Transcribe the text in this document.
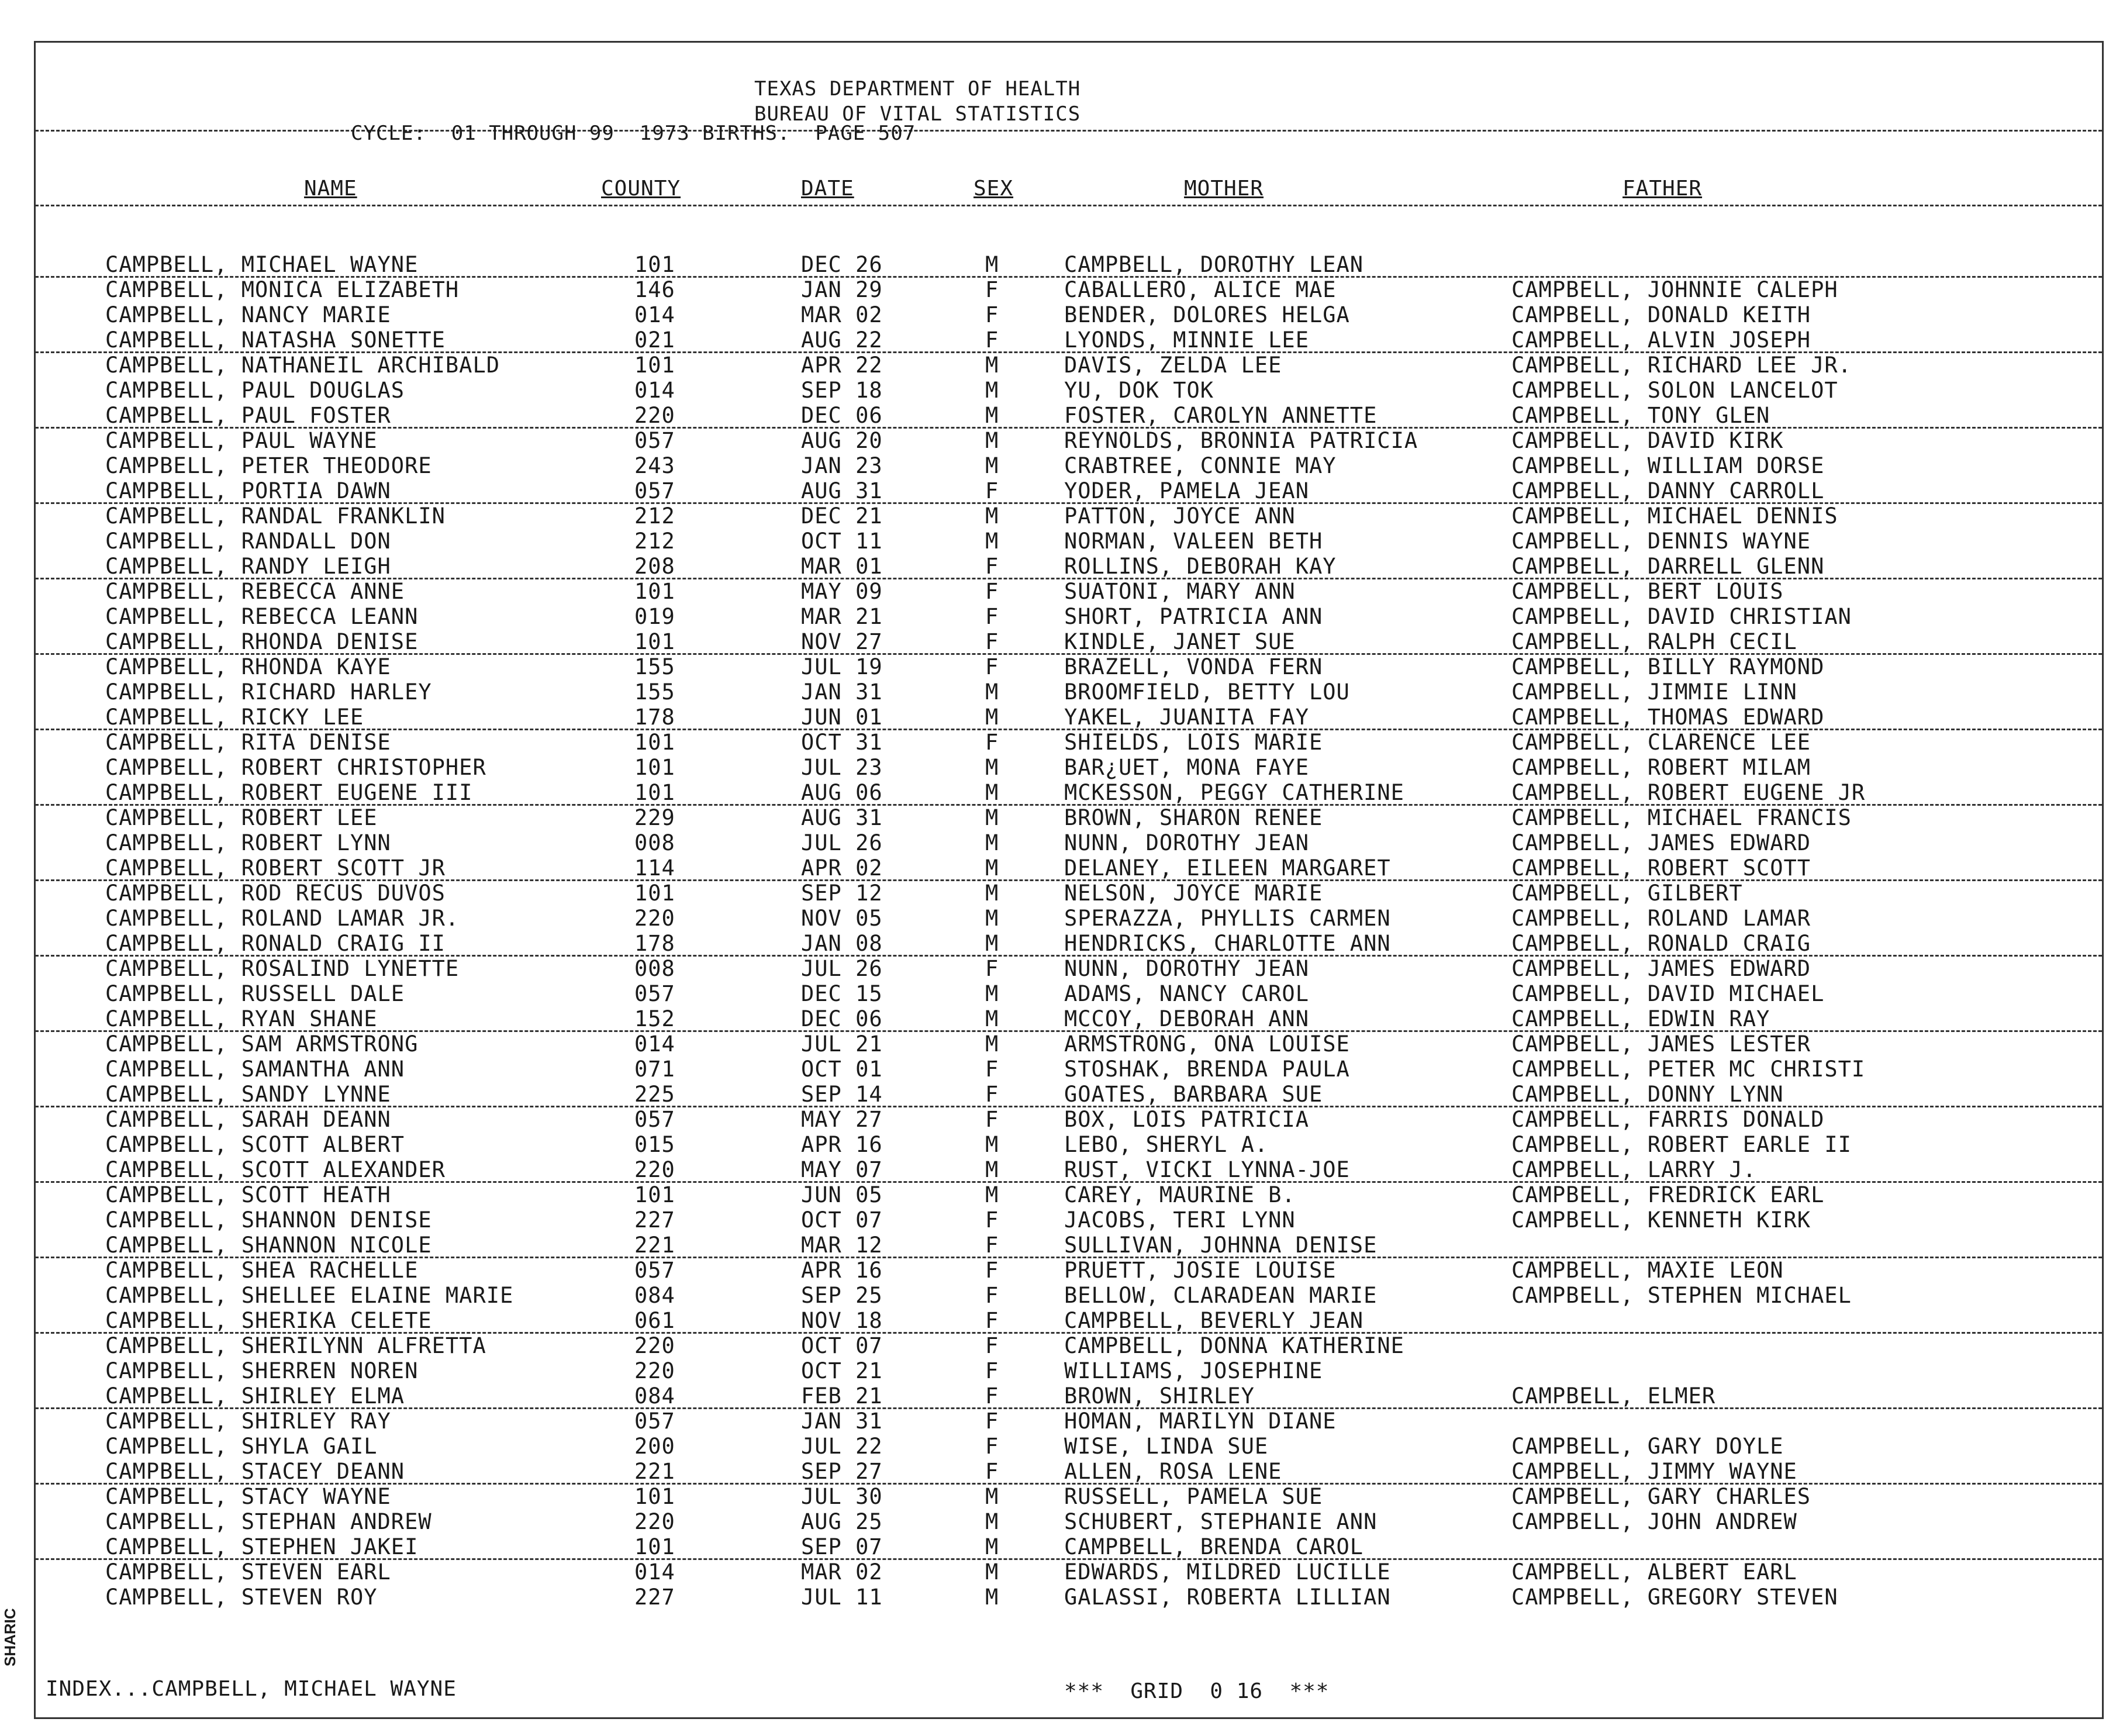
SHARIC
TEXAS DEPARTMENT OF HEALTH
BUREAU OF VITAL STATISTICS
CYCLE:  01 THROUGH 99  1973 BIRTHS.  PAGE 507
NAME	COUNTY	DATE	SEX	MOTHER	FATHER
CAMPBELL, MICHAEL WAYNE	101	DEC 26	M	CAMPBELL, DOROTHY LEAN
CAMPBELL, MONICA ELIZABETH	146	JAN 29	F	CABALLERO, ALICE MAE	CAMPBELL, JOHNNIE CALEPH
CAMPBELL, NANCY MARIE	014	MAR 02	F	BENDER, DOLORES HELGA	CAMPBELL, DONALD KEITH
CAMPBELL, NATASHA SONETTE	021	AUG 22	F	LYONDS, MINNIE LEE	CAMPBELL, ALVIN JOSEPH
CAMPBELL, NATHANEIL ARCHIBALD	101	APR 22	M	DAVIS, ZELDA LEE	CAMPBELL, RICHARD LEE JR.
CAMPBELL, PAUL DOUGLAS	014	SEP 18	M	YU, DOK TOK	CAMPBELL, SOLON LANCELOT
CAMPBELL, PAUL FOSTER	220	DEC 06	M	FOSTER, CAROLYN ANNETTE	CAMPBELL, TONY GLEN
CAMPBELL, PAUL WAYNE	057	AUG 20	M	REYNOLDS, BRONNIA PATRICIA	CAMPBELL, DAVID KIRK
CAMPBELL, PETER THEODORE	243	JAN 23	M	CRABTREE, CONNIE MAY	CAMPBELL, WILLIAM DORSE
CAMPBELL, PORTIA DAWN	057	AUG 31	F	YODER, PAMELA JEAN	CAMPBELL, DANNY CARROLL
CAMPBELL, RANDAL FRANKLIN	212	DEC 21	M	PATTON, JOYCE ANN	CAMPBELL, MICHAEL DENNIS
CAMPBELL, RANDALL DON	212	OCT 11	M	NORMAN, VALEEN BETH	CAMPBELL, DENNIS WAYNE
CAMPBELL, RANDY LEIGH	208	MAR 01	F	ROLLINS, DEBORAH KAY	CAMPBELL, DARRELL GLENN
CAMPBELL, REBECCA ANNE	101	MAY 09	F	SUATONI, MARY ANN	CAMPBELL, BERT LOUIS
CAMPBELL, REBECCA LEANN	019	MAR 21	F	SHORT, PATRICIA ANN	CAMPBELL, DAVID CHRISTIAN
CAMPBELL, RHONDA DENISE	101	NOV 27	F	KINDLE, JANET SUE	CAMPBELL, RALPH CECIL
CAMPBELL, RHONDA KAYE	155	JUL 19	F	BRAZELL, VONDA FERN	CAMPBELL, BILLY RAYMOND
CAMPBELL, RICHARD HARLEY	155	JAN 31	M	BROOMFIELD, BETTY LOU	CAMPBELL, JIMMIE LINN
CAMPBELL, RICKY LEE	178	JUN 01	M	YAKEL, JUANITA FAY	CAMPBELL, THOMAS EDWARD
CAMPBELL, RITA DENISE	101	OCT 31	F	SHIELDS, LOIS MARIE	CAMPBELL, CLARENCE LEE
CAMPBELL, ROBERT CHRISTOPHER	101	JUL 23	M	BAR¿UET, MONA FAYE	CAMPBELL, ROBERT MILAM
CAMPBELL, ROBERT EUGENE III	101	AUG 06	M	MCKESSON, PEGGY CATHERINE	CAMPBELL, ROBERT EUGENE JR
CAMPBELL, ROBERT LEE	229	AUG 31	M	BROWN, SHARON RENEE	CAMPBELL, MICHAEL FRANCIS
CAMPBELL, ROBERT LYNN	008	JUL 26	M	NUNN, DOROTHY JEAN	CAMPBELL, JAMES EDWARD
CAMPBELL, ROBERT SCOTT JR	114	APR 02	M	DELANEY, EILEEN MARGARET	CAMPBELL, ROBERT SCOTT
CAMPBELL, ROD RECUS DUVOS	101	SEP 12	M	NELSON, JOYCE MARIE	CAMPBELL, GILBERT
CAMPBELL, ROLAND LAMAR JR.	220	NOV 05	M	SPERAZZA, PHYLLIS CARMEN	CAMPBELL, ROLAND LAMAR
CAMPBELL, RONALD CRAIG II	178	JAN 08	M	HENDRICKS, CHARLOTTE ANN	CAMPBELL, RONALD CRAIG
CAMPBELL, ROSALIND LYNETTE	008	JUL 26	F	NUNN, DOROTHY JEAN	CAMPBELL, JAMES EDWARD
CAMPBELL, RUSSELL DALE	057	DEC 15	M	ADAMS, NANCY CAROL	CAMPBELL, DAVID MICHAEL
CAMPBELL, RYAN SHANE	152	DEC 06	M	MCCOY, DEBORAH ANN	CAMPBELL, EDWIN RAY
CAMPBELL, SAM ARMSTRONG	014	JUL 21	M	ARMSTRONG, ONA LOUISE	CAMPBELL, JAMES LESTER
CAMPBELL, SAMANTHA ANN	071	OCT 01	F	STOSHAK, BRENDA PAULA	CAMPBELL, PETER MC CHRISTI
CAMPBELL, SANDY LYNNE	225	SEP 14	F	GOATES, BARBARA SUE	CAMPBELL, DONNY LYNN
CAMPBELL, SARAH DEANN	057	MAY 27	F	BOX, LOIS PATRICIA	CAMPBELL, FARRIS DONALD
CAMPBELL, SCOTT ALBERT	015	APR 16	M	LEBO, SHERYL A.	CAMPBELL, ROBERT EARLE II
CAMPBELL, SCOTT ALEXANDER	220	MAY 07	M	RUST, VICKI LYNNA-JOE	CAMPBELL, LARRY J.
CAMPBELL, SCOTT HEATH	101	JUN 05	M	CAREY, MAURINE B.	CAMPBELL, FREDRICK EARL
CAMPBELL, SHANNON DENISE	227	OCT 07	F	JACOBS, TERI LYNN	CAMPBELL, KENNETH KIRK
CAMPBELL, SHANNON NICOLE	221	MAR 12	F	SULLIVAN, JOHNNA DENISE
CAMPBELL, SHEA RACHELLE	057	APR 16	F	PRUETT, JOSIE LOUISE	CAMPBELL, MAXIE LEON
CAMPBELL, SHELLEE ELAINE MARIE	084	SEP 25	F	BELLOW, CLARADEAN MARIE	CAMPBELL, STEPHEN MICHAEL
CAMPBELL, SHERIKA CELETE	061	NOV 18	F	CAMPBELL, BEVERLY JEAN
CAMPBELL, SHERILYNN ALFRETTA	220	OCT 07	F	CAMPBELL, DONNA KATHERINE
CAMPBELL, SHERREN NOREN	220	OCT 21	F	WILLIAMS, JOSEPHINE
CAMPBELL, SHIRLEY ELMA	084	FEB 21	F	BROWN, SHIRLEY	CAMPBELL, ELMER
CAMPBELL, SHIRLEY RAY	057	JAN 31	F	HOMAN, MARILYN DIANE
CAMPBELL, SHYLA GAIL	200	JUL 22	F	WISE, LINDA SUE	CAMPBELL, GARY DOYLE
CAMPBELL, STACEY DEANN	221	SEP 27	F	ALLEN, ROSA LENE	CAMPBELL, JIMMY WAYNE
CAMPBELL, STACY WAYNE	101	JUL 30	M	RUSSELL, PAMELA SUE	CAMPBELL, GARY CHARLES
CAMPBELL, STEPHAN ANDREW	220	AUG 25	M	SCHUBERT, STEPHANIE ANN	CAMPBELL, JOHN ANDREW
CAMPBELL, STEPHEN JAKEI	101	SEP 07	M	CAMPBELL, BRENDA CAROL
CAMPBELL, STEVEN EARL	014	MAR 02	M	EDWARDS, MILDRED LUCILLE	CAMPBELL, ALBERT EARL
CAMPBELL, STEVEN ROY	227	JUL 11	M	GALASSI, ROBERTA LILLIAN	CAMPBELL, GREGORY STEVEN
INDEX...CAMPBELL, MICHAEL WAYNE	***  GRID  0 16  ***
